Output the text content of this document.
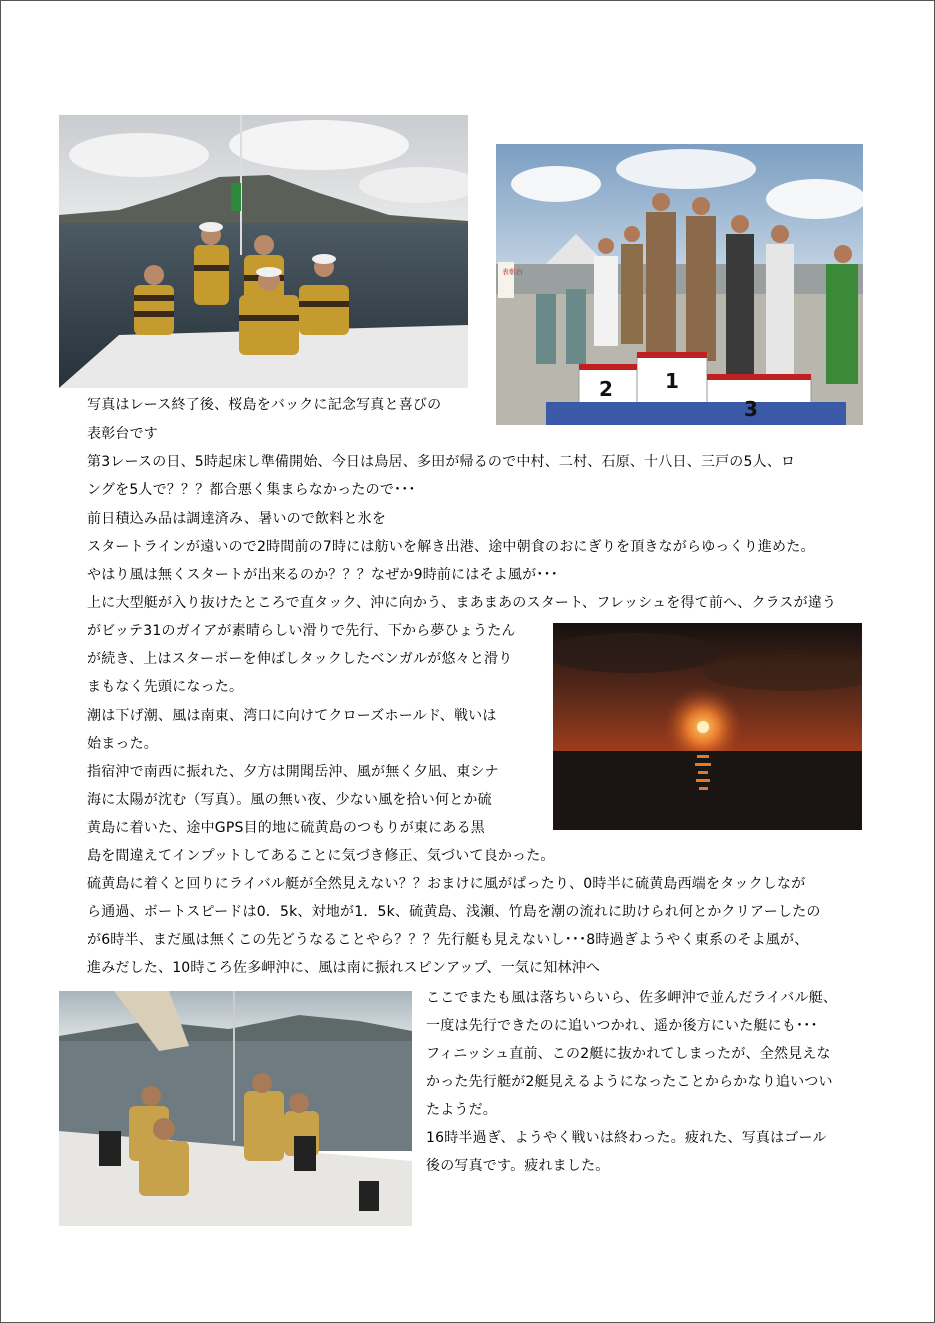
表彰台
2	1
3
写真はレース終了後、桜島をバックに記念写真と喜びの
表彰台です
第3レースの日、5時起床し準備開始、今日は鳥居、多田が帰るので中村、二村、石原、十八日、三戸の5人、ロ
ングを5人で？？？都合悪く集まらなかったので･･･
前日積込み品は調達済み、暑いので飲料と氷を
スタートラインが遠いので2時間前の7時には舫いを解き出港、途中朝食のおにぎりを頂きながらゆっくり進めた。
やはり風は無くスタートが出来るのか？？？なぜか9時前にはそよ風が･･･
上に大型艇が入り抜けたところで直タック、沖に向かう、まあまあのスタート、フレッシュを得て前へ、クラスが違う
がビッテ31のガイアが素晴らしい滑りで先行、下から夢ひょうたん
が続き、上はスターボーを伸ばしタックしたベンガルが悠々と滑り
まもなく先頭になった。
潮は下げ潮、風は南東、湾口に向けてクローズホールド、戦いは
始まった。
指宿沖で南西に振れた、夕方は開聞岳沖、風が無く夕凪、東シナ
海に太陽が沈む（写真）。風の無い夜、少ない風を拾い何とか硫
黄島に着いた、途中GPS目的地に硫黄島のつもりが東にある黒
島を間違えてインプットしてあることに気づき修正、気づいて良かった。
硫黄島に着くと回りにライバル艇が全然見えない？？おまけに風がぱったり、0時半に硫黄島西端をタックしなが
ら通過、ボートスピードは0．5k、対地が1．5k、硫黄島、浅瀬、竹島を潮の流れに助けられ何とかクリアーしたの
が6時半、まだ風は無くこの先どうなることやら？？？先行艇も見えないし･･･8時過ぎようやく東系のそよ風が、
進みだした、10時ころ佐多岬沖に、風は南に振れスピンアップ、一気に知林沖へ
ここでまたも風は落ちいらいら、佐多岬沖で並んだライバル艇、
一度は先行できたのに追いつかれ、遥か後方にいた艇にも･･･
フィニッシュ直前、この2艇に抜かれてしまったが、全然見えな
かった先行艇が2艇見えるようになったことからかなり追いつい
たようだ。
16時半過ぎ、ようやく戦いは終わった。疲れた、写真はゴール
後の写真です。疲れました。
